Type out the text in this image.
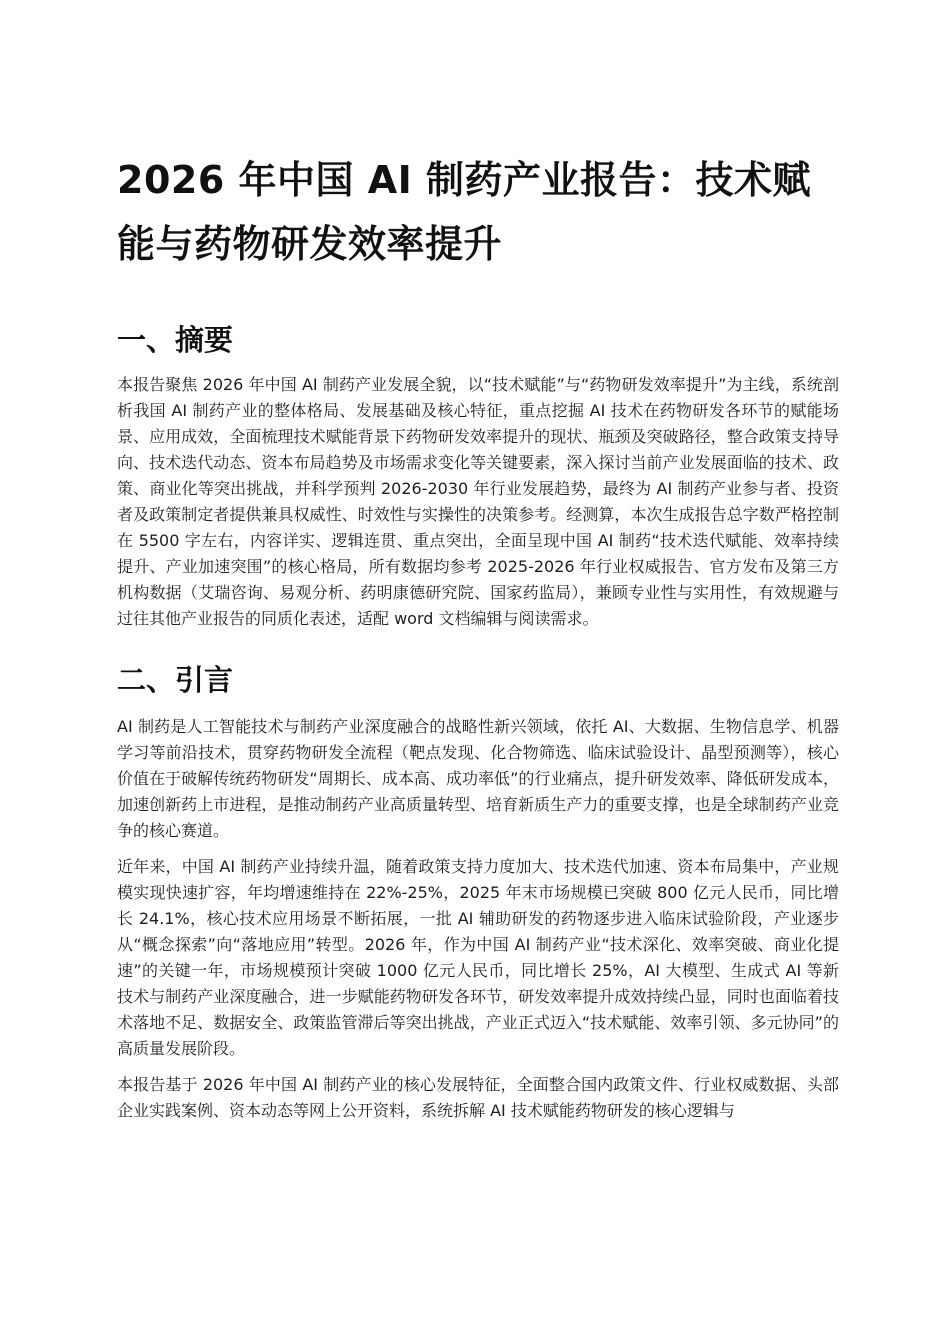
2026 年中国 AI 制药产业报告：技术赋能与药物研发效率提升
一、摘要

本报告聚焦 2026 年中国 AI 制药产业发展全貌，以“技术赋能”与“药物研发效率提升”为主线，系统剖析我国 AI 制药产业的整体格局、发展基础及核心特征，重点挖掘 AI 技术在药物研发各环节的赋能场景、应用成效，全面梳理技术赋能背景下药物研发效率提升的现状、瓶颈及突破路径，整合政策支持导向、技术迭代动态、资本布局趋势及市场需求变化等关键要素，深入探讨当前产业发展面临的技术、政策、商业化等突出挑战，并科学预判 2026-2030 年行业发展趋势，最终为 AI 制药产业参与者、投资者及政策制定者提供兼具权威性、时效性与实操性的决策参考。经测算，本次生成报告总字数严格控制在 5500 字左右，内容详实、逻辑连贯、重点突出，全面呈现中国 AI 制药“技术迭代赋能、效率持续提升、产业加速突围”的核心格局，所有数据均参考 2025-2026 年行业权威报告、官方发布及第三方机构数据（艾瑞咨询、易观分析、药明康德研究院、国家药监局），兼顾专业性与实用性，有效规避与过往其他产业报告的同质化表述，适配 word 文档编辑与阅读需求。

二、引言

AI 制药是人工智能技术与制药产业深度融合的战略性新兴领域，依托 AI、大数据、生物信息学、机器学习等前沿技术，贯穿药物研发全流程（靶点发现、化合物筛选、临床试验设计、晶型预测等），核心价值在于破解传统药物研发“周期长、成本高、成功率低”的行业痛点，提升研发效率、降低研发成本，加速创新药上市进程，是推动制药产业高质量转型、培育新质生产力的重要支撑，也是全球制药产业竞争的核心赛道。

近年来，中国 AI 制药产业持续升温，随着政策支持力度加大、技术迭代加速、资本布局集中，产业规模实现快速扩容，年均增速维持在 22%-25%，2025 年末市场规模已突破 800 亿元人民币，同比增长 24.1%，核心技术应用场景不断拓展，一批 AI 辅助研发的药物逐步进入临床试验阶段，产业逐步从“概念探索”向“落地应用”转型。2026 年，作为中国 AI 制药产业“技术深化、效率突破、商业化提速”的关键一年，市场规模预计突破 1000 亿元人民币，同比增长 25%，AI 大模型、生成式 AI 等新技术与制药产业深度融合，进一步赋能药物研发各环节，研发效率提升成效持续凸显，同时也面临着技术落地不足、数据安全、政策监管滞后等突出挑战，产业正式迈入“技术赋能、效率引领、多元协同”的高质量发展阶段。

本报告基于 2026 年中国 AI 制药产业的核心发展特征，全面整合国内政策文件、行业权威数据、头部企业实践案例、资本动态等网上公开资料，系统拆解 AI 技术赋能药物研发的核心逻辑与
